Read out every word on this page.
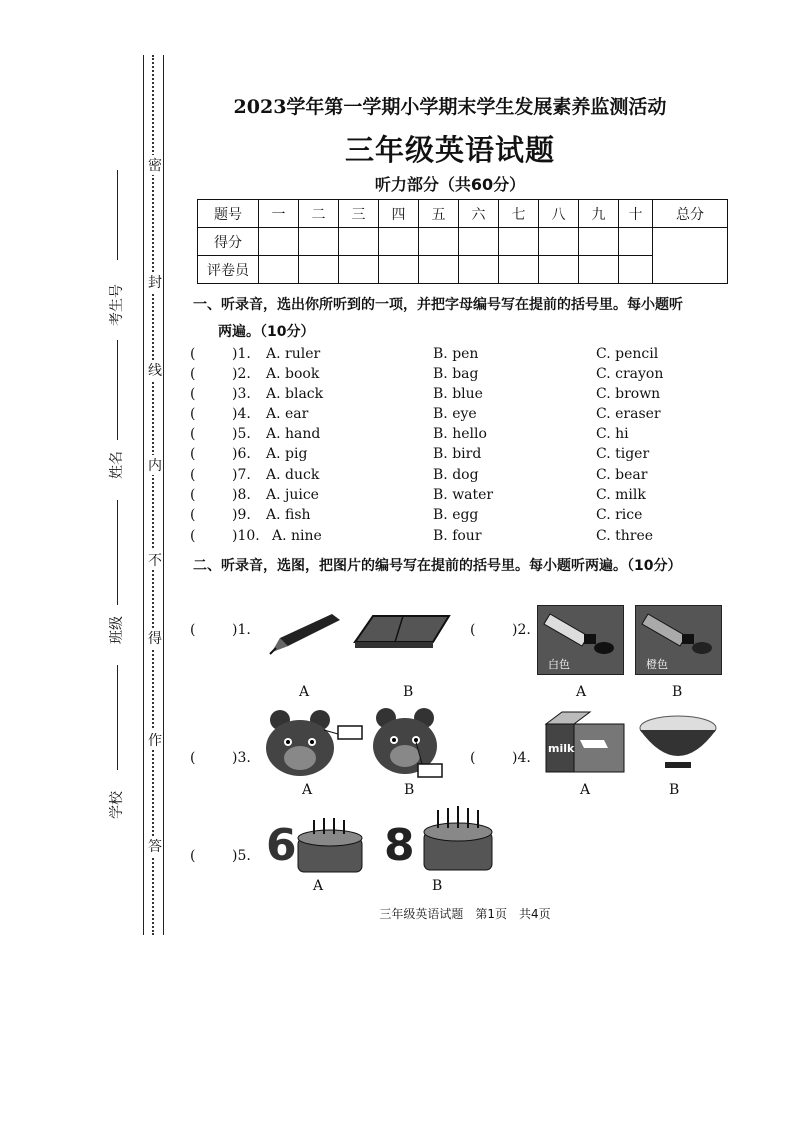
密
封
线
内
不
得
作
答
考生号
姓名
班级
学校
2023学年第一学期小学期末学生发展素养监测活动
三年级英语试题
听力部分（共60分）
题号	一	二	三	四	五	六	七	八	九	十	总分
得分											
评卷员											
一、听录音，选出你所听到的一项，并把字母编号写在提前的括号里。每小题听
两遍。（10分）
(	)1. A. ruler	B. pen	C. pencil
(	)2. A. book	B. bag	C. crayon
(	)3. A. black	B. blue	C. brown
(	)4. A. ear	B. eye	C. eraser
(	)5. A. hand	B. hello	C. hi
(	)6. A. pig	B. bird	C. tiger
(	)7. A. duck	B. dog	C. bear
(	)8. A. juice	B. water	C. milk
(	)9. A. fish	B. egg	C. rice
(	)10. A. nine	B. four	C. three
二、听录音，选图，把图片的编号写在提前的括号里。每小题听两遍。（10分）
(	)1.
A	B
(	)2.
白色	橙色
A	B
(	)3.
A	B
(	)4.
milk
A	B
(	)5. 6 8
A	B
三年级英语试题　第1页　共4页
